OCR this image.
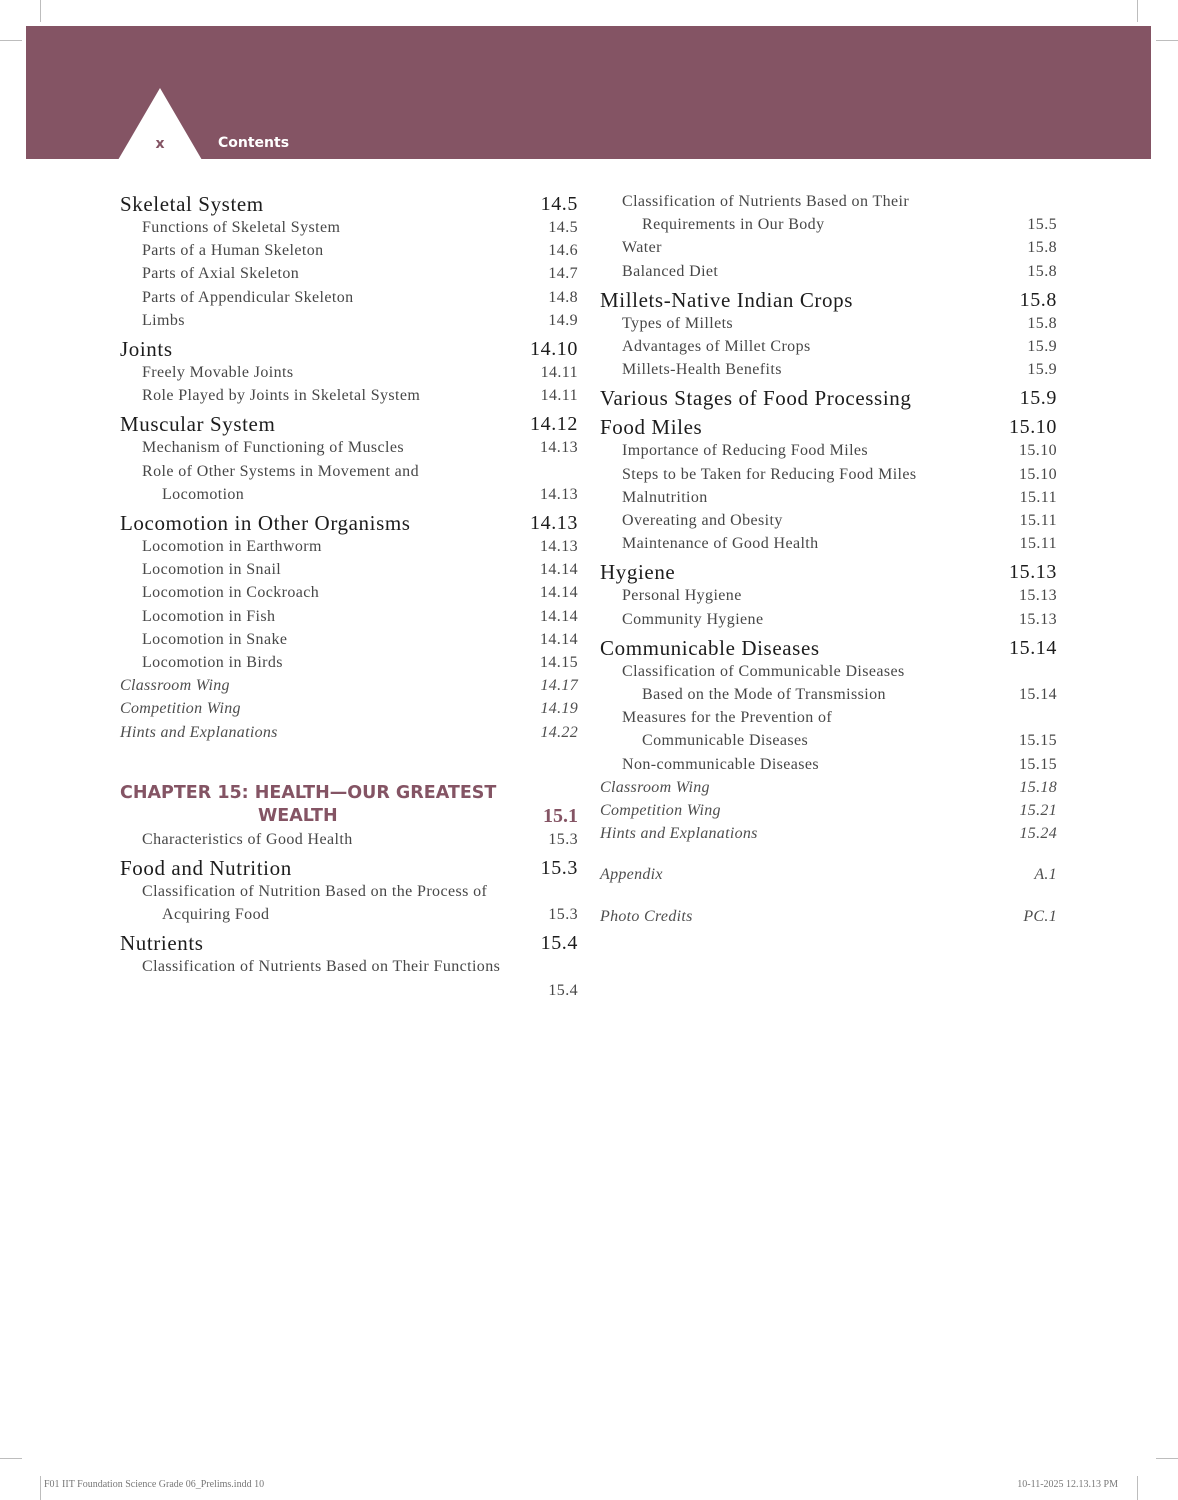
x	Contents
Skeletal System	14.5
Functions of Skeletal System	14.5
Parts of a Human Skeleton	14.6
Parts of Axial Skeleton	14.7
Parts of Appendicular Skeleton	14.8
Limbs	14.9
Joints	14.10
Freely Movable Joints	14.11
Role Played by Joints in Skeletal System	14.11
Muscular System	14.12
Mechanism of Functioning of Muscles	14.13
Role of Other Systems in Movement and
Locomotion	14.13
Locomotion in Other Organisms	14.13
Locomotion in Earthworm	14.13
Locomotion in Snail	14.14
Locomotion in Cockroach	14.14
Locomotion in Fish	14.14
Locomotion in Snake	14.14
Locomotion in Birds	14.15
Classroom Wing	14.17
Competition Wing	14.19
Hints and Explanations	14.22
CHAPTER 15: HEALTH—OUR GREATEST
WEALTH	15.1
Characteristics of Good Health	15.3
Food and Nutrition	15.3
Classification of Nutrition Based on the Process of
Acquiring Food	15.3
Nutrients	15.4
Classification of Nutrients Based on Their Functions
15.4
Classification of Nutrients Based on Their
Requirements in Our Body	15.5
Water	15.8
Balanced Diet	15.8
Millets-Native Indian Crops	15.8
Types of Millets	15.8
Advantages of Millet Crops	15.9
Millets-Health Benefits	15.9
Various Stages of Food Processing	15.9
Food Miles	15.10
Importance of Reducing Food Miles	15.10
Steps to be Taken for Reducing Food Miles	15.10
Malnutrition	15.11
Overeating and Obesity	15.11
Maintenance of Good Health	15.11
Hygiene	15.13
Personal Hygiene	15.13
Community Hygiene	15.13
Communicable Diseases	15.14
Classification of Communicable Diseases
Based on the Mode of Transmission	15.14
Measures for the Prevention of
Communicable Diseases	15.15
Non-communicable Diseases	15.15
Classroom Wing	15.18
Competition Wing	15.21
Hints and Explanations	15.24
Appendix	A.1
Photo Credits	PC.1
F01 IIT Foundation Science Grade 06_Prelims.indd 10	10-11-2025 12.13.13 PM
